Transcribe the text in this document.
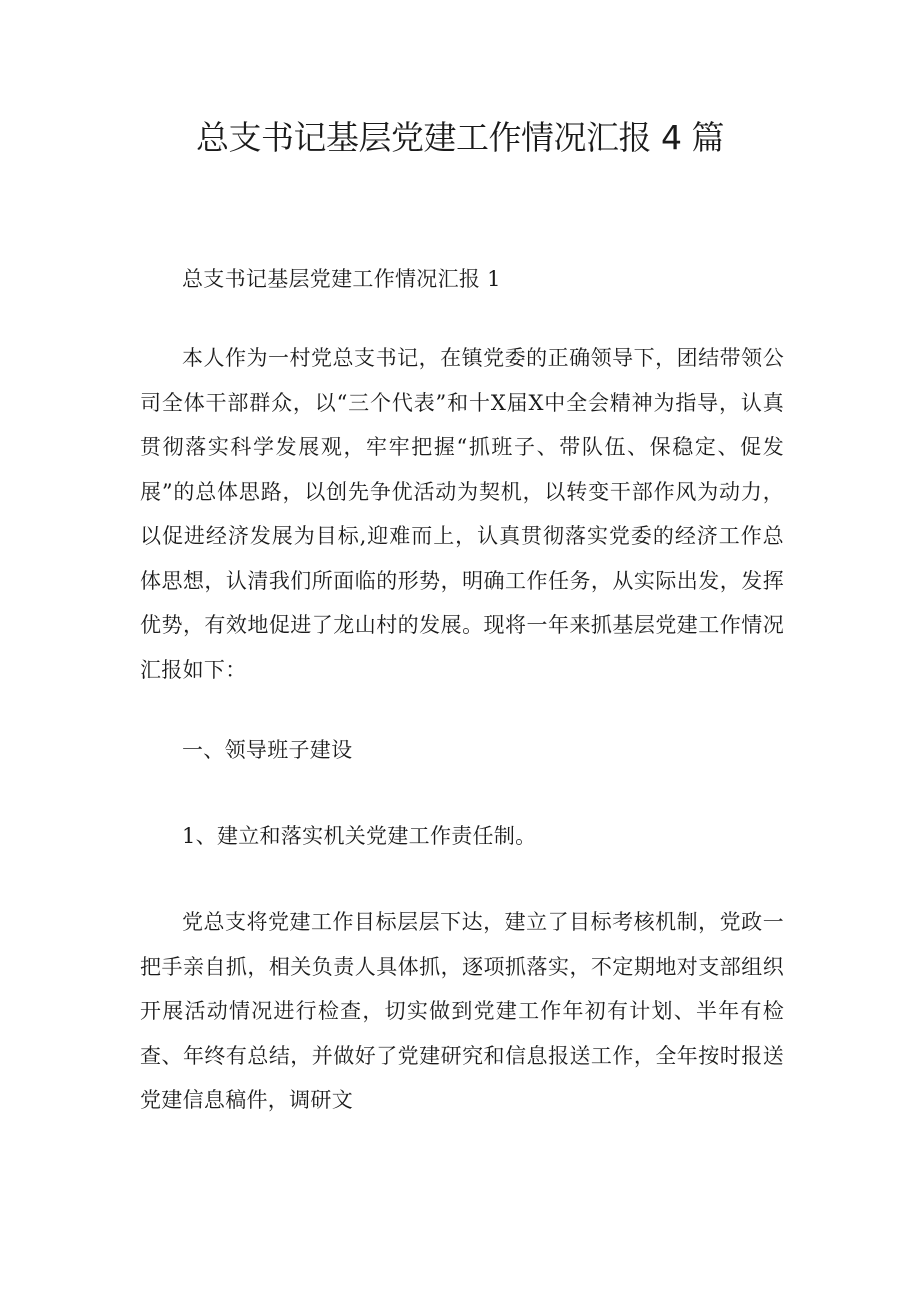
总支书记基层党建工作情况汇报 4 篇

总支书记基层党建工作情况汇报 1

本人作为一村党总支书记，在镇党委的正确领导下，团结带领公司全体干部群众，以“三个代表”和十X届X中全会精神为指导，认真贯彻落实科学发展观，牢牢把握“抓班子、带队伍、保稳定、促发展”的总体思路，以创先争优活动为契机，以转变干部作风为动力，以促进经济发展为目标,迎难而上，认真贯彻落实党委的经济工作总体思想，认清我们所面临的形势，明确工作任务，从实际出发，发挥优势，有效地促进了龙山村的发展。现将一年来抓基层党建工作情况汇报如下：

一、领导班子建设

1、建立和落实机关党建工作责任制。

党总支将党建工作目标层层下达，建立了目标考核机制，党政一把手亲自抓，相关负责人具体抓，逐项抓落实，不定期地对支部组织开展活动情况进行检查，切实做到党建工作年初有计划、半年有检查、年终有总结，并做好了党建研究和信息报送工作，全年按时报送党建信息稿件，调研文
